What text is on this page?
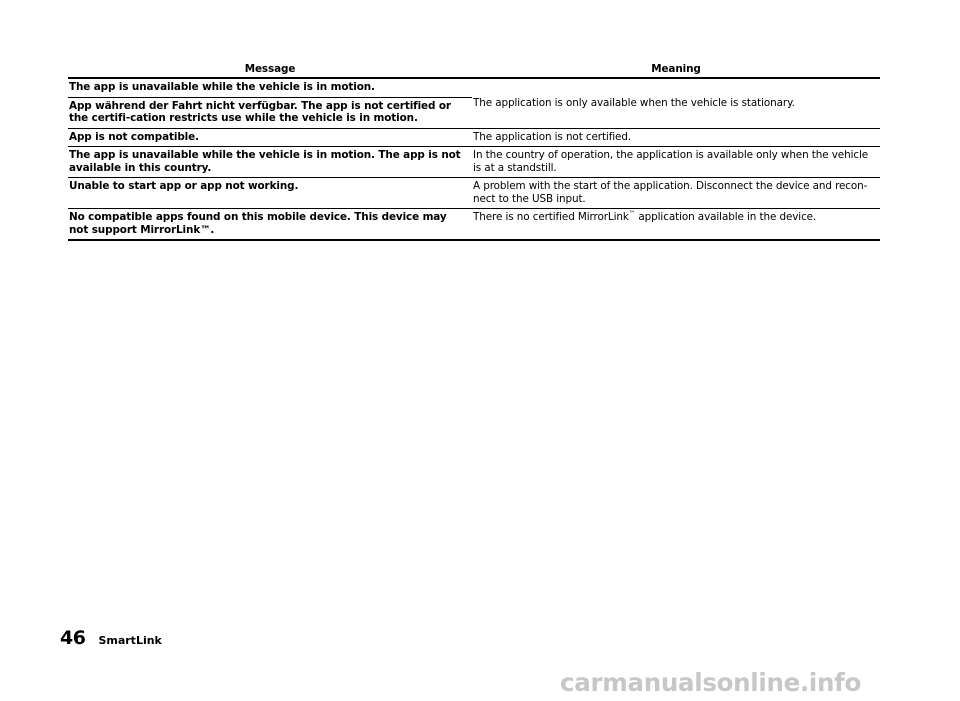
Message	Meaning
The app is unavailable while the vehicle is in motion.	The application is only available when the vehicle is stationary.
App während der Fahrt nicht verfügbar. The app is not certified or the certifi-cation restricts use while the vehicle is in motion.	
App is not compatible.	The application is not certified.
The app is unavailable while the vehicle is in motion. The app is not available in this country.	In the country of operation, the application is available only when the vehicle is at a standstill.
Unable to start app or app not working.	A problem with the start of the application. Disconnect the device and recon-nect to the USB input.
No compatible apps found on this mobile device. This device may not support MirrorLink™.	There is no certified MirrorLink™ application available in the device.
46 SmartLink
carmanualsonline.info
